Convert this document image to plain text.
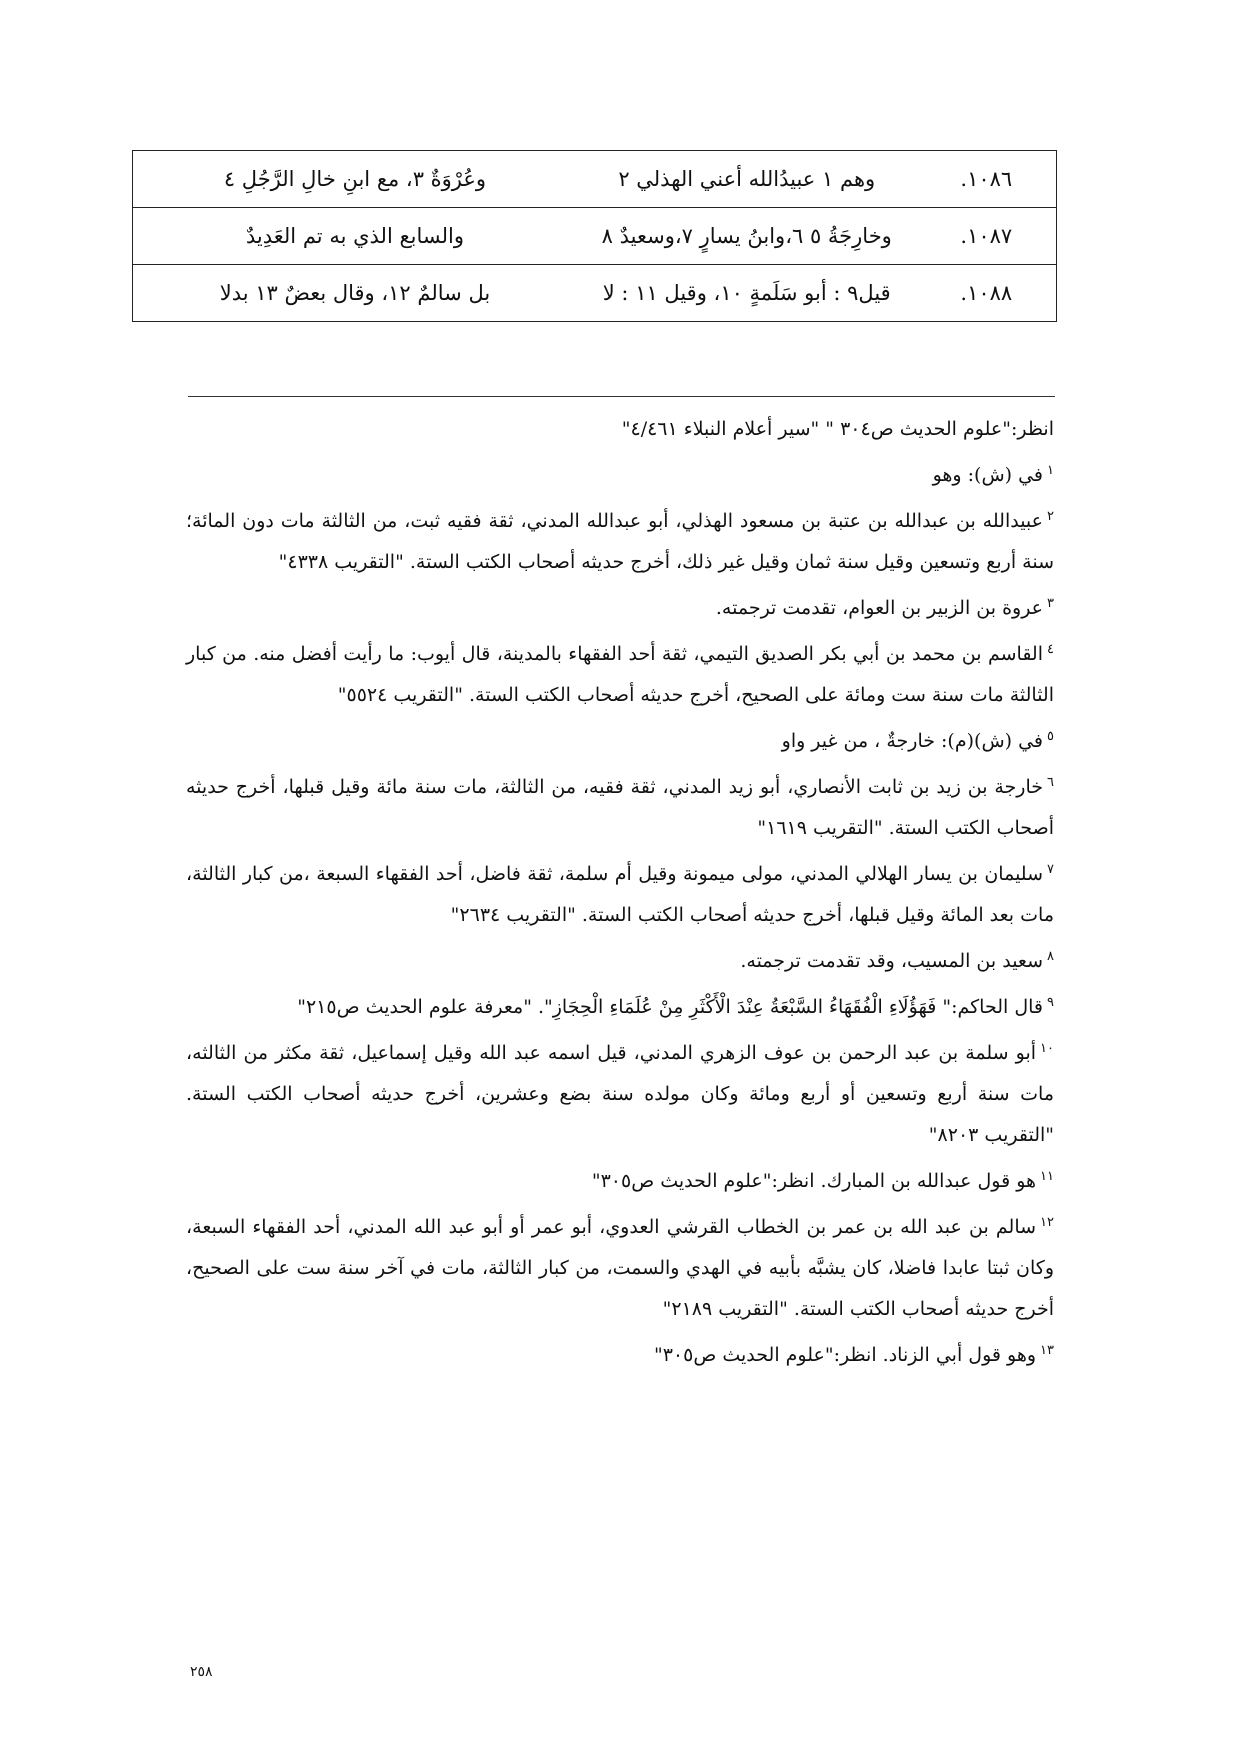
١٠٨٦.	وهم ١ عبيدُالله أعني الهذلي ٢	وعُرْوَةٌ ٣، مع ابنِ خالِ الرَّجُلِ ٤
١٠٨٧.	وخارِجَةُ ٥ ٦،وابنُ يسارٍ ٧،وسعيدٌ ٨	والسابع الذي به تم العَدِيدٌ
١٠٨٨.	قيل٩ : أبو سَلَمةٍ ١٠، وقيل ١١ : لا	بل سالمٌ ١٢، وقال بعضٌ ١٣ بدلا

انظر:"علوم الحديث ص٣٠٤ " "سير أعلام النبلاء ٤/٤٦١"

$^١$في (ش): وهو

$^٢$عبيدالله بن عبدالله بن عتبة بن مسعود الهذلي، أبو عبدالله المدني، ثقة فقيه ثبت، من الثالثة مات دون المائة؛ سنة أربع وتسعين وقيل سنة ثمان وقيل غير ذلك، أخرج حديثه أصحاب الكتب الستة. "التقريب ٤٣٣٨"

$^٣$عروة بن الزبير بن العوام، تقدمت ترجمته.

$^٤$القاسم بن محمد بن أبي بكر الصديق التيمي، ثقة أحد الفقهاء بالمدينة، قال أيوب: ما رأيت أفضل منه. من كبار الثالثة مات سنة ست ومائة على الصحيح، أخرج حديثه أصحاب الكتب الستة. "التقريب ٥٥٢٤"

$^٥$في (ش)(م): خارجةٌ ، من غير واو

$^٦$خارجة بن زيد بن ثابت الأنصاري، أبو زيد المدني، ثقة فقيه، من الثالثة، مات سنة مائة وقيل قبلها، أخرج حديثه أصحاب الكتب الستة. "التقريب ١٦١٩"

$^٧$سليمان بن يسار الهلالي المدني، مولى ميمونة وقيل أم سلمة، ثقة فاضل، أحد الفقهاء السبعة ،من كبار الثالثة، مات بعد المائة وقيل قبلها، أخرج حديثه أصحاب الكتب الستة. "التقريب ٢٦٣٤"

$^٨$سعيد بن المسيب، وقد تقدمت ترجمته.

$^٩$قال الحاكم:" فَهَؤُلَاءِ الْفُقَهَاءُ السَّبْعَةُ عِنْدَ الْأَكْثَرِ مِنْ عُلَمَاءِ الْحِجَازِ". "معرفة علوم الحديث ص٢١٥"

$^{١٠}$أبو سلمة بن عبد الرحمن بن عوف الزهري المدني، قيل اسمه عبد الله وقيل إسماعيل، ثقة مكثر من الثالثه، مات سنة أربع وتسعين أو أربع ومائة وكان مولده سنة بضع وعشرين، أخرج حديثه أصحاب الكتب الستة. "التقريب ٨٢٠٣"

$^{١١}$هو قول عبدالله بن المبارك. انظر:"علوم الحديث ص٣٠٥"

$^{١٢}$سالم بن عبد الله بن عمر بن الخطاب القرشي العدوي، أبو عمر أو أبو عبد الله المدني، أحد الفقهاء السبعة، وكان ثبتا عابدا فاضلا، كان يشبَّه بأبيه في الهدي والسمت، من كبار الثالثة، مات في آخر سنة ست على الصحيح، أخرج حديثه أصحاب الكتب الستة. "التقريب ٢١٨٩"

$^{١٣}$وهو قول أبي الزناد. انظر:"علوم الحديث ص٣٠٥"

٢٥٨
